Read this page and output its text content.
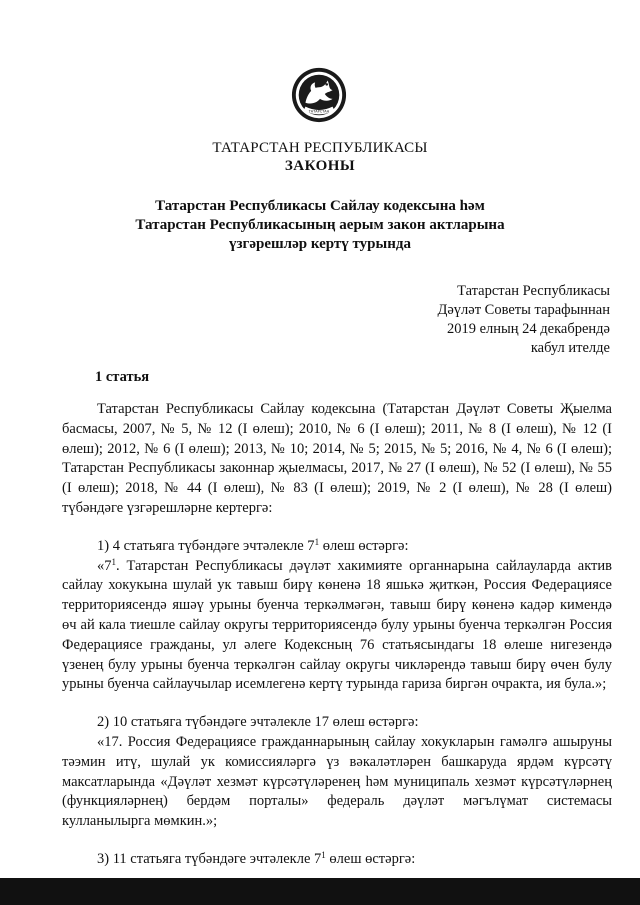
ТАТАРСТАН
ТАТАРСТАН РЕСПУБЛИКАСЫ
ЗАКОНЫ
Татарстан Республикасы Сайлау кодексына һәм
Татарстан Республикасының аерым закон актларына
үзгәрешләр кертү турында
Татарстан Республикасы
Дәүләт Советы тарафыннан
2019 елның 24 декабрендә
кабул ителде
1 статья

Татарстан Республикасы Сайлау кодексына (Татарстан Дәүләт Советы Җыелма басмасы, 2007, № 5, № 12 (I өлеш); 2010, № 6 (I өлеш); 2011, № 8 (I өлеш), № 12 (I өлеш); 2012, № 6 (I өлеш); 2013, № 10; 2014, № 5; 2015, № 5; 2016, № 4, № 6 (I өлеш); Татарстан Республикасы законнар җыелмасы, 2017, № 27 (I өлеш), № 52 (I өлеш), № 55 (I өлеш); 2018, № 44 (I өлеш), № 83 (I өлеш); 2019, № 2 (I өлеш), № 28 (I өлеш) түбәндәге үзгәрешләрне кертергә:

1) 4 статьяга түбәндәге эчтәлекле $7^1$ өлеш өстәргә:

«$7^1$. Татарстан Республикасы дәүләт хакимияте органнарына сайлауларда актив сайлау хокукына шулай ук тавыш бирү көненә 18 яшькә җиткән, Россия Федерациясе территориясендә яшәү урыны буенча теркәлмәгән, тавыш бирү көненә кадәр кимендә өч ай кала тиешле сайлау округы территориясендә булу урыны буенча теркәлгән Россия Федерациясе гражданы, ул әлеге Кодексның 76 статьясындагы 18 өлеше нигезендә үзенең булу урыны буенча теркәлгән сайлау округы чикләрендә тавыш бирү өчен булу урыны буенча сайлаучылар исемлегенә кертү турында гариза биргән очракта, ия була.»;

2) 10 статьяга түбәндәге эчтәлекле 17 өлеш өстәргә:

«17. Россия Федерациясе гражданнарының сайлау хокукларын гамәлгә ашыруны тәэмин итү, шулай ук комиссияләргә үз вәкаләтләрен башкаруда ярдәм күрсәтү максатларында «Дәүләт хезмәт күрсәтүләренең һәм муниципаль хезмәт күрсәтүләрнең (функцияләрнең) бердәм порталы» федераль дәүләт мәгълүмат системасы кулланылырга мөмкин.»;

3) 11 статьяга түбәндәге эчтәлекле $7^1$ өлеш өстәргә:
